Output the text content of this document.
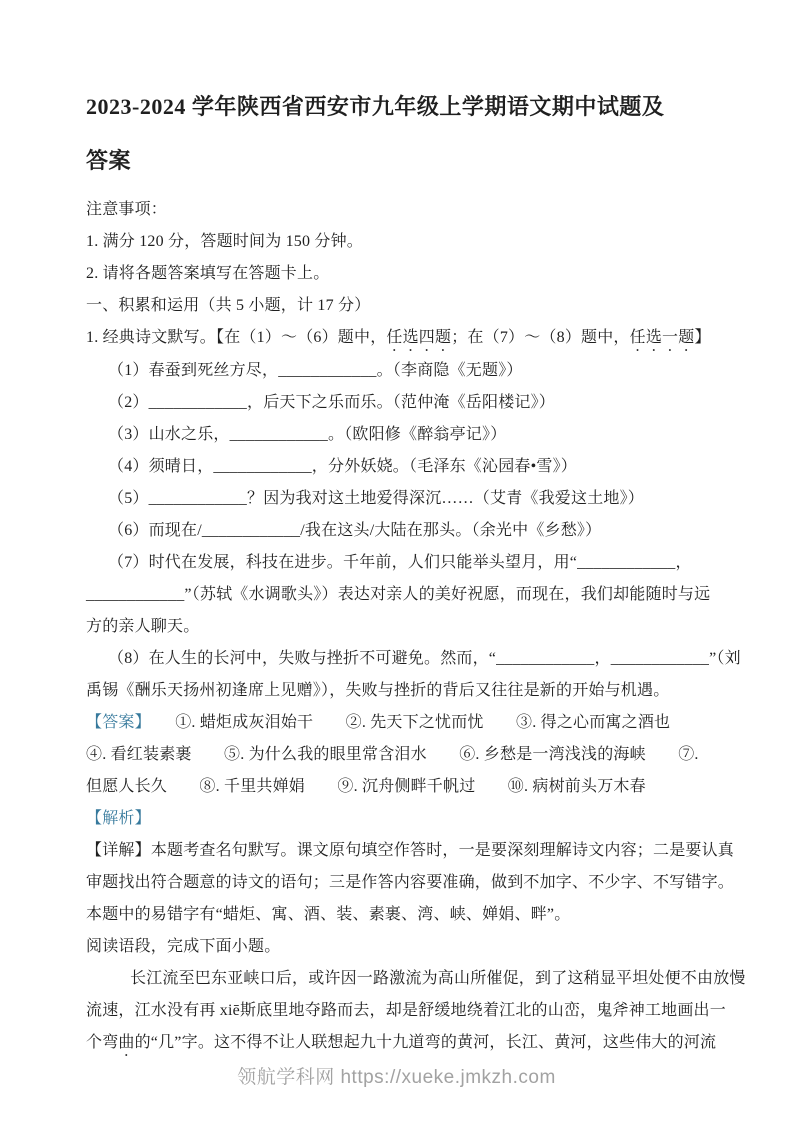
2023-2024 学年陕西省西安市九年级上学期语文期中试题及
答案
注意事项：
1. 满分 120 分，答题时间为 150 分钟。
2. 请将各题答案填写在答题卡上。
一、积累和运用（共 5 小题，计 17 分）
1. 经典诗文默写。【在（1）～（6）题中，任选四题；在（7）～（8）题中，任选一题】
（1）春蚕到死丝方尽，____________。（李商隐《无题》）
（2）____________，后天下之乐而乐。（范仲淹《岳阳楼记》）
（3）山水之乐，____________。（欧阳修《醉翁亭记》）
（4）须晴日，____________，分外妖娆。（毛泽东《沁园春•雪》）
（5）____________？因为我对这土地爱得深沉……（艾青《我爱这土地》）
（6）而现在/____________/我在这头/大陆在那头。（余光中《乡愁》）
（7）时代在发展，科技在进步。千年前，人们只能举头望月，用“____________，
____________”（苏轼《水调歌头》）表达对亲人的美好祝愿，而现在，我们却能随时与远
方的亲人聊天。
（8）在人生的长河中，失败与挫折不可避免。然而，“____________，____________”（刘
禹锡《酬乐天扬州初逢席上见赠》），失败与挫折的背后又往往是新的开始与机遇。
【答案】　　①. 蜡炬成灰泪始干　　②. 先天下之忧而忧　　③. 得之心而寓之酒也
④. 看红装素裹　　⑤. 为什么我的眼里常含泪水　　⑥. 乡愁是一湾浅浅的海峡　　⑦.
但愿人长久　　⑧. 千里共婵娟　　⑨. 沉舟侧畔千帆过　　⑩. 病树前头万木春
【解析】
【详解】本题考查名句默写。课文原句填空作答时，一是要深刻理解诗文内容；二是要认真
审题找出符合题意的诗文的语句；三是作答内容要准确，做到不加字、不少字、不写错字。
本题中的易错字有“蜡炬、寓、酒、装、素裹、湾、峡、婵娟、畔”。
阅读语段，完成下面小题。
长江流至巴东亚峡口后，或许因一路激流为高山所催促，到了这稍显平坦处便不由放慢
流速，江水没有再 xiē斯底里地夺路而去，却是舒缓地绕着江北的山峦，鬼斧神工地画出一
个弯曲的“几”字。这不得不让人联想起九十九道弯的黄河，长江、黄河，这些伟大的河流
领航学科网 https://xueke.jmkzh.com
